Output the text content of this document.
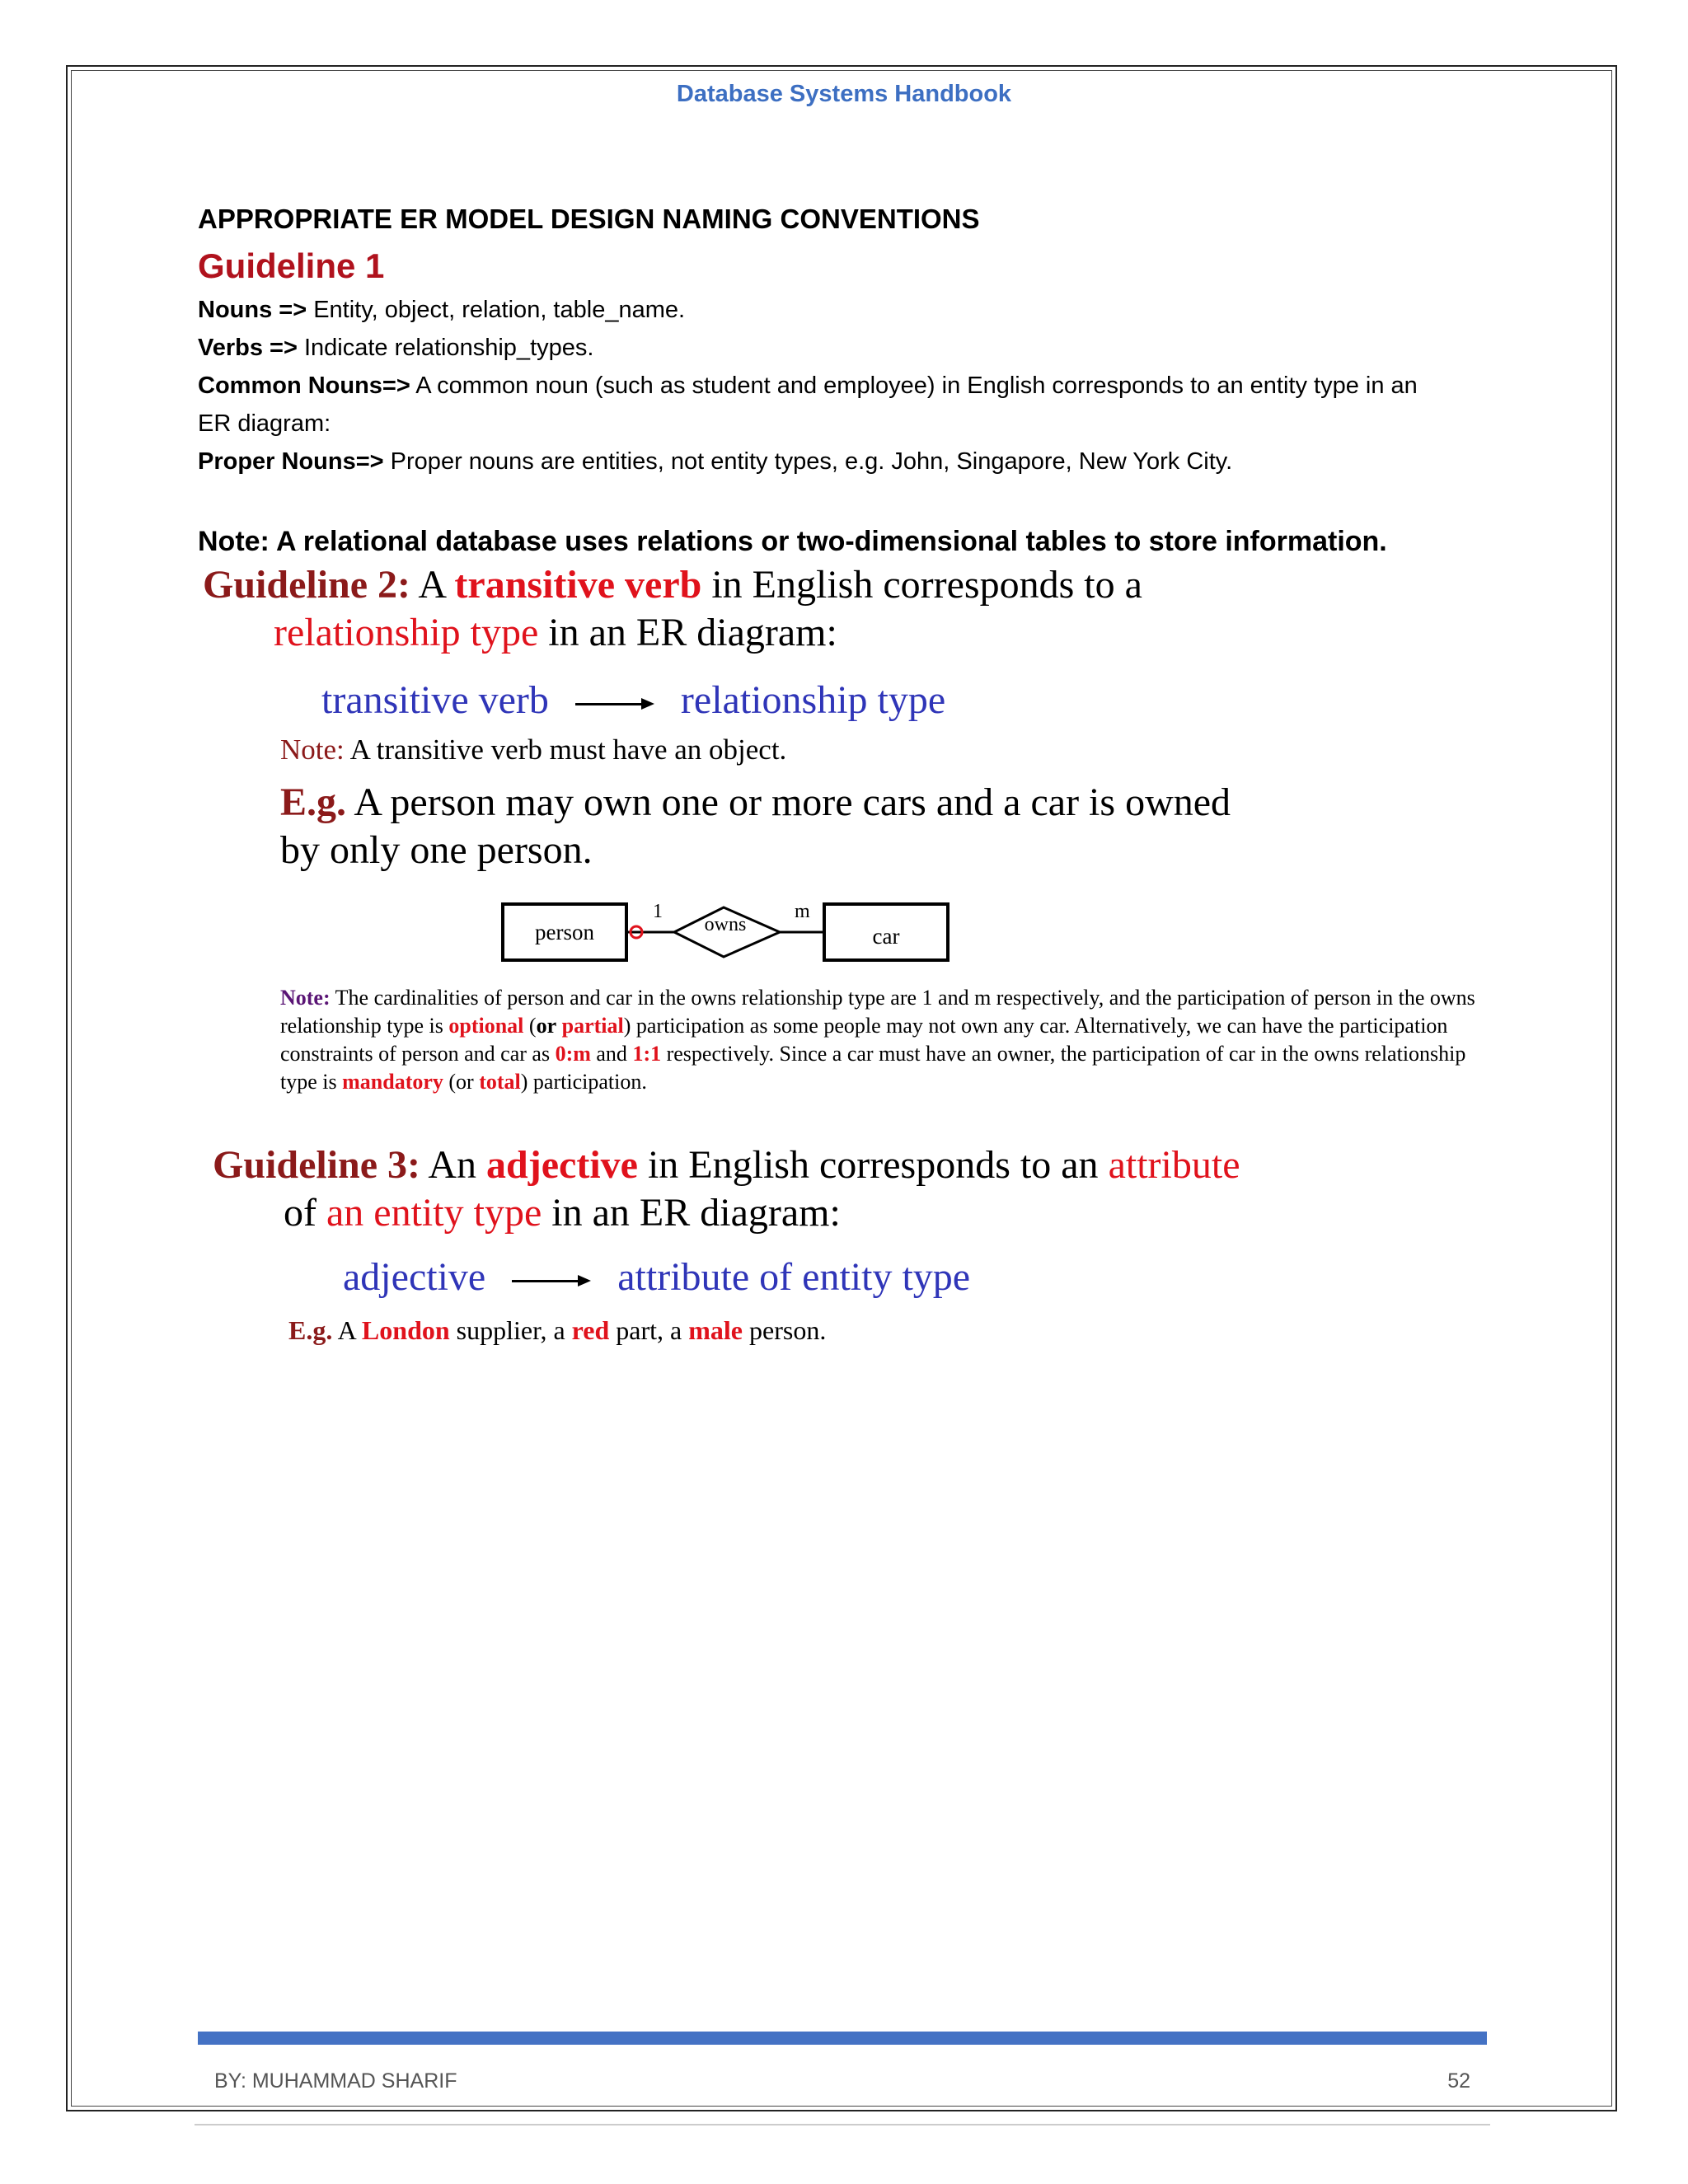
Database Systems Handbook
APPROPRIATE ER MODEL DESIGN NAMING CONVENTIONS
Guideline 1
Nouns => Entity, object, relation, table_name.
Verbs => Indicate relationship_types.
Common Nouns=> A common noun (such as student and employee) in English corresponds to an entity type in an
ER diagram:
Proper Nouns=> Proper nouns are entities, not entity types, e.g. John, Singapore, New York City.
Note: A relational database uses relations or two-dimensional tables to store information.
Guideline 2: A transitive verb in English corresponds to a
relationship type in an ER diagram:
transitive verb	relationship type
Note: A transitive verb must have an object.
E.g. A person may own one or more cars and a car is owned
by only one person.
person
1
owns
m
car
Note: The cardinalities of person and car in the owns relationship type are 1 and m respectively, and the participation of person in the owns relationship type is optional (or partial) participation as some people may not own any car. Alternatively, we can have the participation constraints of person and car as 0:m and 1:1 respectively. Since a car must have an owner, the participation of car in the owns relationship type is mandatory (or total) participation.
Guideline 3: An adjective in English corresponds to an attribute
of an entity type in an ER diagram:
adjective	attribute of entity type
E.g. A London supplier, a red part, a male person.
BY: MUHAMMAD SHARIF	52
